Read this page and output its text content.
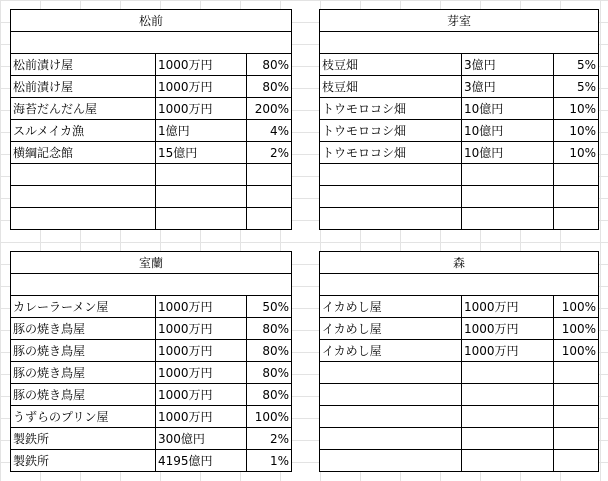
松前		

松前漬け屋	1000万円	80%
松前漬け屋	1000万円	80%
海苔だんだん屋	1000万円	200%
スルメイカ漁	1億円	4%
横綱記念館	15億円	2%

芽室		

枝豆畑	3億円	5%
枝豆畑	3億円	5%
トウモロコシ畑	10億円	10%
トウモロコシ畑	10億円	10%
トウモロコシ畑	10億円	10%

室蘭		

カレーラーメン屋	1000万円	50%
豚の焼き鳥屋	1000万円	80%
豚の焼き鳥屋	1000万円	80%
豚の焼き鳥屋	1000万円	80%
豚の焼き鳥屋	1000万円	80%
うずらのプリン屋	1000万円	100%
製鉄所	300億円	2%
製鉄所	4195億円	1%
森		

イカめし屋	1000万円	100%
イカめし屋	1000万円	100%
イカめし屋	1000万円	100%
